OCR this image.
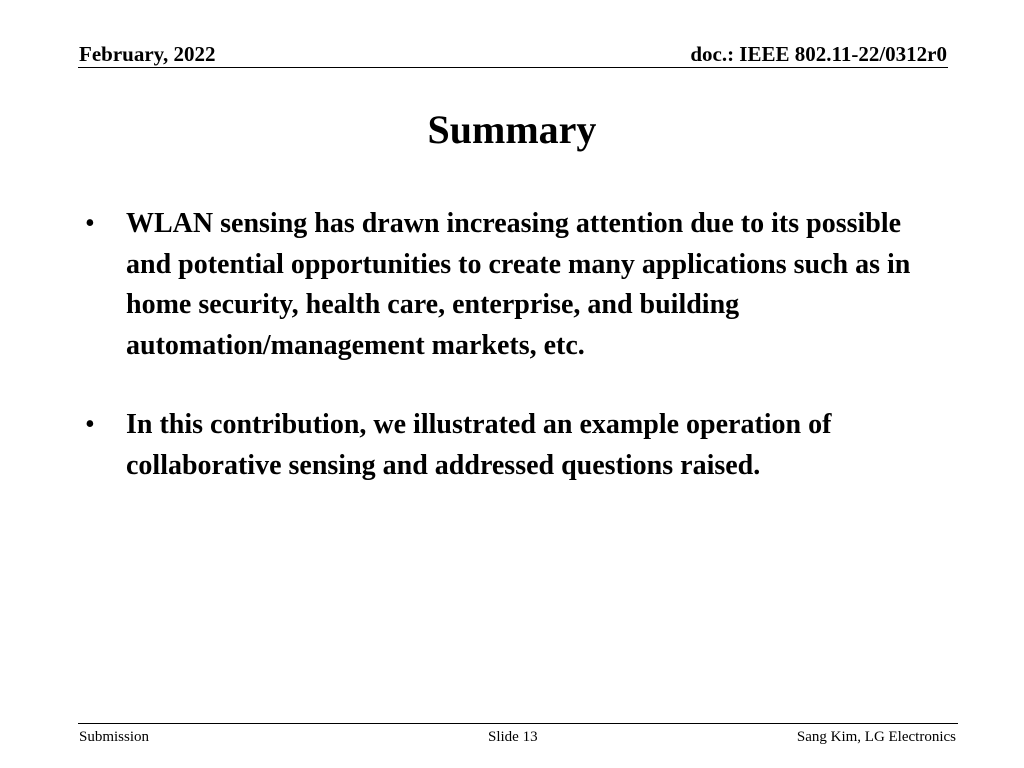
February, 2022	doc.: IEEE 802.11-22/0312r0
Summary
• WLAN sensing has drawn increasing attention due to its possible and potential opportunities to create many applications such as in home security, health care, enterprise, and building automation/management markets, etc.
• In this contribution, we illustrated an example operation of collaborative sensing and addressed questions raised.
Submission	Slide 13	Sang Kim, LG Electronics
